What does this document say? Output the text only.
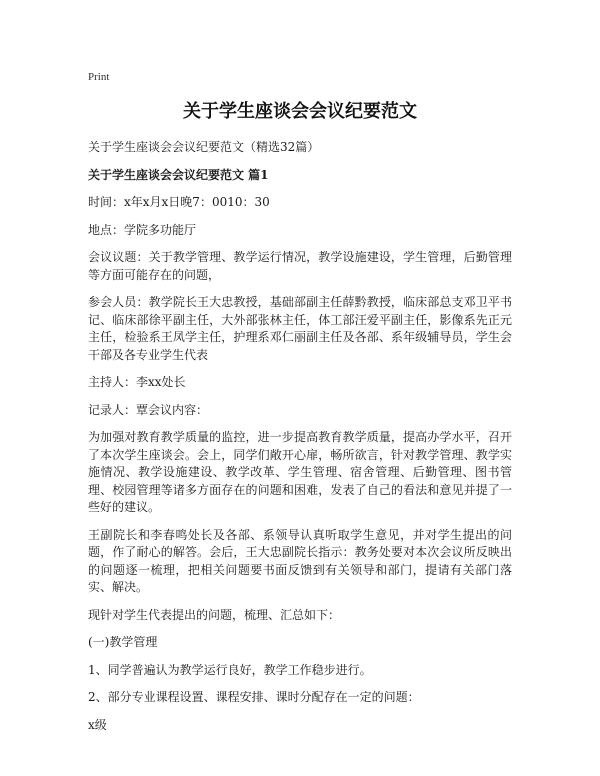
Print
关于学生座谈会会议纪要范文

关于学生座谈会会议纪要范文（精选32篇）

关于学生座谈会会议纪要范文 篇1

时间：x年x月x日晚7：0010：30

地点：学院多功能厅

会议议题：关于教学管理、教学运行情况，教学设施建设，学生管理，后勤管理等方面可能存在的问题，

参会人员：教学院长王大忠教授，基础部副主任薛黔教授，临床部总支邓卫平书记、临床部徐平副主任，大外部张林主任，体工部汪爱平副主任，影像系先正元主任，检验系王凤学主任，护理系邓仁丽副主任及各部、系年级辅导员，学生会干部及各专业学生代表

主持人：李xx处长

记录人：覃会议内容：

为加强对教育教学质量的监控，进一步提高教育教学质量，提高办学水平，召开了本次学生座谈会。会上，同学们敞开心扉，畅所欲言，针对教学管理、教学实施情况、教学设施建设、教学改革、学生管理、宿舍管理、后勤管理、图书管理、校园管理等诸多方面存在的问题和困难，发表了自己的看法和意见并提了一些好的建议。

王副院长和李春鸣处长及各部、系领导认真听取学生意见，并对学生提出的问题，作了耐心的解答。会后，王大忠副院长指示：教务处要对本次会议所反映出的问题逐一梳理，把相关问题要书面反馈到有关领导和部门，提请有关部门落实、解决。

现针对学生代表提出的问题，梳理、汇总如下：

(一)教学管理

1、同学普遍认为教学运行良好，教学工作稳步进行。

2、部分专业课程设置、课程安排、课时分配存在一定的问题：

x级
